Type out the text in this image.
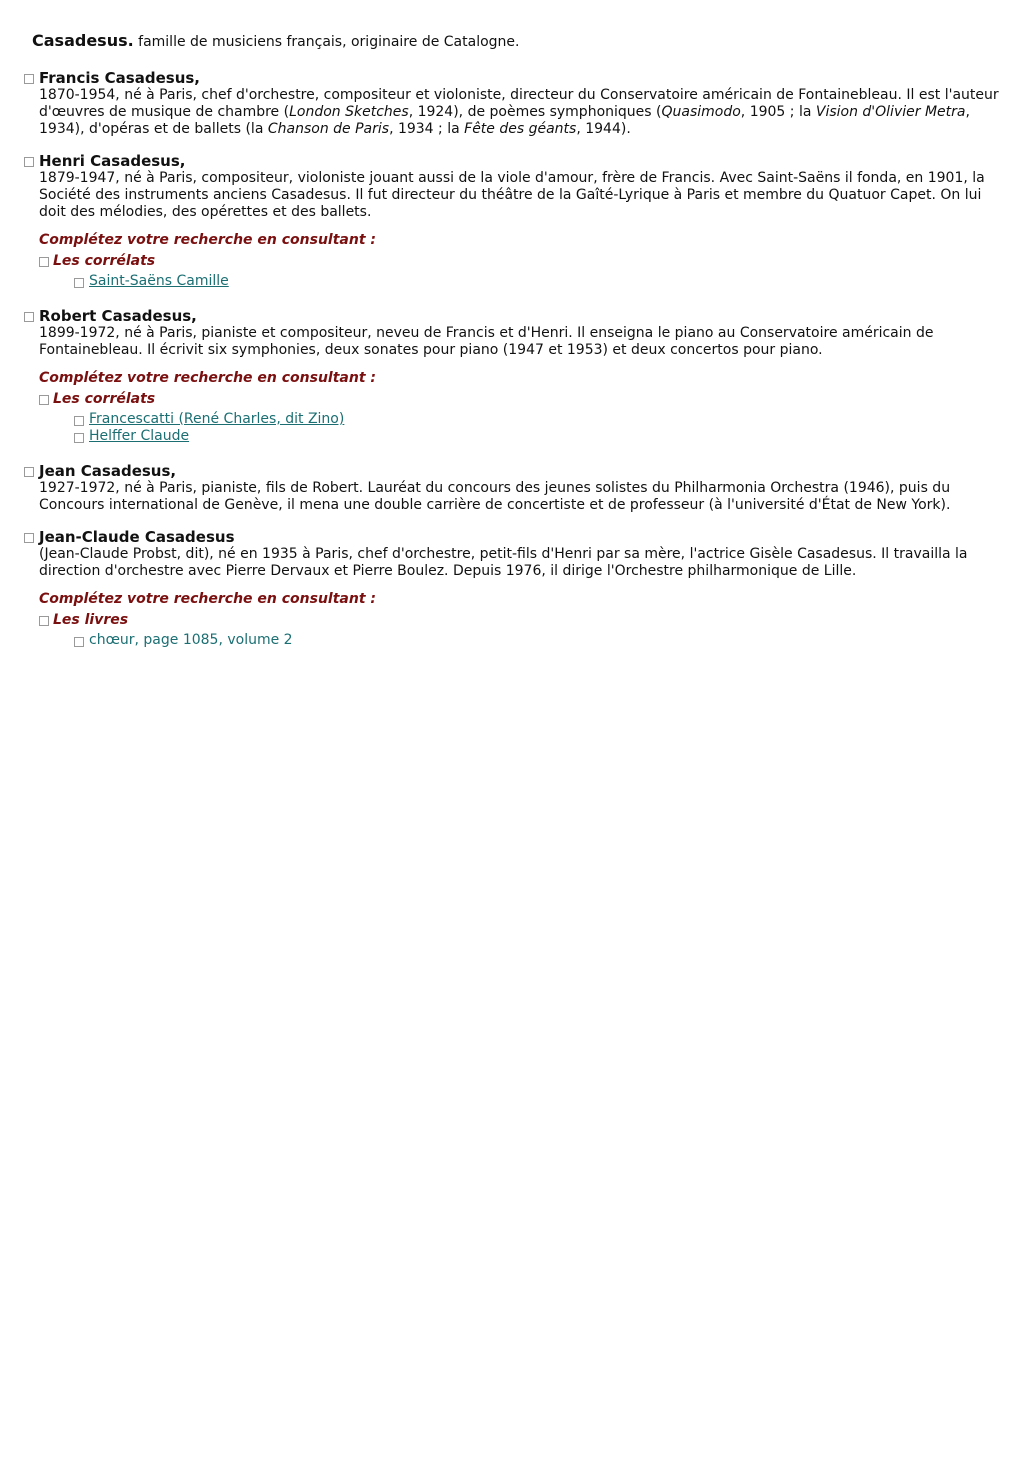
Casadesus. famille de musiciens français, originaire de Catalogne.
Francis Casadesus,
1870-1954, né à Paris, chef d'orchestre, compositeur et violoniste, directeur du Conservatoire américain de Fontainebleau. Il est l'auteur d'œuvres de musique de chambre (London Sketches, 1924), de poèmes symphoniques (Quasimodo, 1905 ; la Vision d'Olivier Metra, 1934), d'opéras et de ballets (la Chanson de Paris, 1934 ; la Fête des géants, 1944).
Henri Casadesus,
1879-1947, né à Paris, compositeur, violoniste jouant aussi de la viole d'amour, frère de Francis. Avec Saint-Saëns il fonda, en 1901, la Société des instruments anciens Casadesus. Il fut directeur du théâtre de la Gaîté-Lyrique à Paris et membre du Quatuor Capet. On lui doit des mélodies, des opérettes et des ballets.
Complétez votre recherche en consultant :
Les corrélats
Saint-Saëns Camille
Robert Casadesus,
1899-1972, né à Paris, pianiste et compositeur, neveu de Francis et d'Henri. Il enseigna le piano au Conservatoire américain de Fontainebleau. Il écrivit six symphonies, deux sonates pour piano (1947 et 1953) et deux concertos pour piano.
Complétez votre recherche en consultant :
Les corrélats
Francescatti (René Charles, dit Zino)
Helffer Claude
Jean Casadesus,
1927-1972, né à Paris, pianiste, fils de Robert. Lauréat du concours des jeunes solistes du Philharmonia Orchestra (1946), puis du Concours international de Genève, il mena une double carrière de concertiste et de professeur (à l'université d'État de New York).
Jean-Claude Casadesus
(Jean-Claude Probst, dit), né en 1935 à Paris, chef d'orchestre, petit-fils d'Henri par sa mère, l'actrice Gisèle Casadesus. Il travailla la direction d'orchestre avec Pierre Dervaux et Pierre Boulez. Depuis 1976, il dirige l'Orchestre philharmonique de Lille.
Complétez votre recherche en consultant :
Les livres
chœur, page 1085, volume 2
